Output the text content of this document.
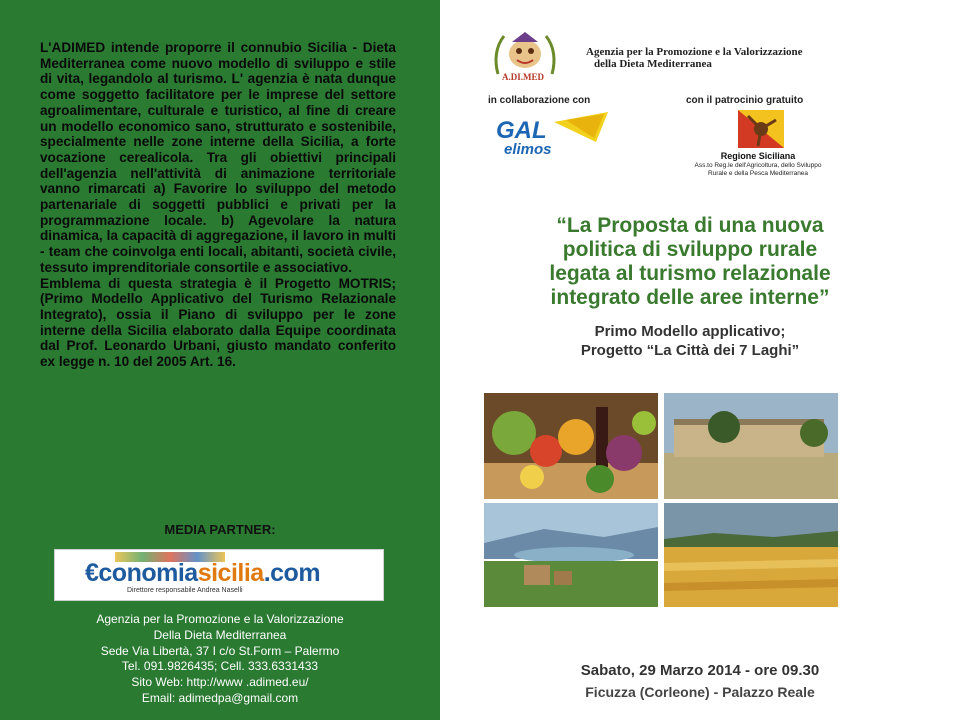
L'ADIMED intende proporre il connubio Sicilia - Dieta Mediterranea come nuovo modello di sviluppo e stile di vita, legandolo al turismo. L' agenzia è nata dunque come soggetto facilitatore per le imprese del settore agroalimentare, culturale e turistico, al fine di creare un modello economico sano, strutturato e sostenibile, specialmente nelle zone interne della Sicilia, a forte vocazione cerealicola. Tra gli obiettivi principali dell'agenzia nell'attività di animazione territoriale vanno rimarcati a) Favorire lo sviluppo del metodo partenariale di soggetti pubblici e privati per la programmazione locale. b) Agevolare la natura dinamica, la capacità di aggregazione, il lavoro in multi - team che coinvolga enti locali, abitanti, società civile, tessuto imprenditoriale consortile e associativo.

Emblema di questa strategia è il Progetto MOTRIS; (Primo Modello Applicativo del Turismo Relazionale Integrato), ossia il Piano di sviluppo per le zone interne della Sicilia elaborato dalla Equipe coordinata dal Prof. Leonardo Urbani, giusto mandato conferito ex legge n. 10 del 2005 Art. 16.

MEDIA PARTNER:
€conomiasicilia.com
Direttore responsabile Andrea Naselli
Agenzia per la Promozione e la Valorizzazione
Della Dieta Mediterranea
Sede Via Libertà, 37 I c/o St.Form – Palermo
Tel. 091.9826435; Cell. 333.6331433
Sito Web: http://www .adimed.eu/
Email: adimedpa@gmail.com
A.DI.MED
Agenzia per la Promozione e la Valorizzazione
della Dieta Mediterranea
in collaborazione con	con il patrocinio gratuito
GAL
elimos	Regione Siciliana
Ass.to Reg.le dell'Agricoltura, dello Sviluppo
Rurale e della Pesca Mediterranea
“La Proposta di una nuova
politica di sviluppo rurale
legata al turismo relazionale
integrato delle aree interne”
Primo Modello applicativo;
Progetto “La Città dei 7 Laghi”
Sabato, 29 Marzo 2014 - ore 09.30
Ficuzza (Corleone) - Palazzo Reale
